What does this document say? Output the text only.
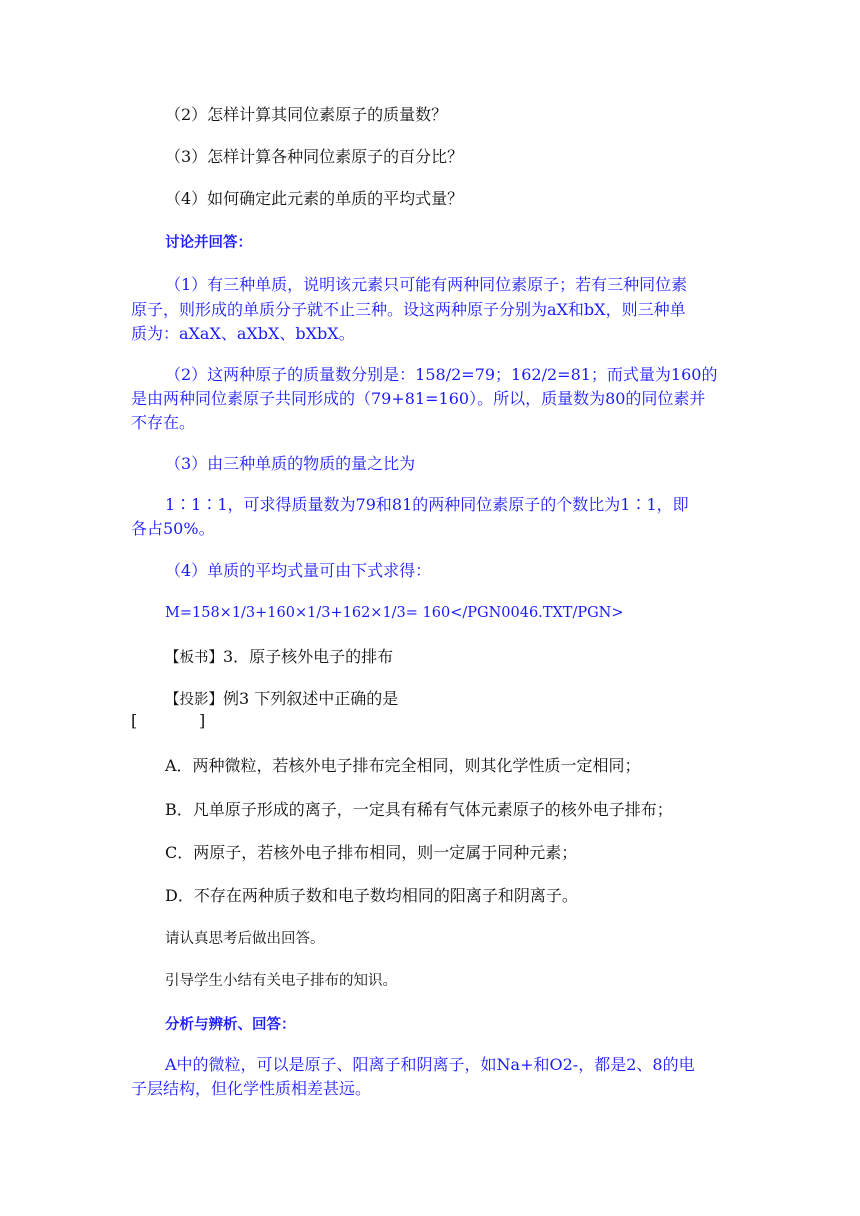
（2）怎样计算其同位素原子的质量数？
（3）怎样计算各种同位素原子的百分比？
（4）如何确定此元素的单质的平均式量？
讨论并回答：
（1）有三种单质，说明该元素只可能有两种同位素原子；若有三种同位素
原子，则形成的单质分子就不止三种。设这两种原子分别为aX和bX，则三种单
质为：aXaX、aXbX、bXbX。
（2）这两种原子的质量数分别是：158/2=79；162/2=81；而式量为160的
是由两种同位素原子共同形成的（79+81=160）。所以，质量数为80的同位素并
不存在。
（3）由三种单质的物质的量之比为
1∶1∶1，可求得质量数为79和81的两种同位素原子的个数比为1∶1，即
各占50%。
（4）单质的平均式量可由下式求得：
M=158×1/3+160×1/3+162×1/3= 160</PGN0046.TXT/PGN>
【板书】3．原子核外电子的排布
【投影】例3 下列叙述中正确的是
[	]
A．两种微粒，若核外电子排布完全相同，则其化学性质一定相同；
B．凡单原子形成的离子，一定具有稀有气体元素原子的核外电子排布；
C．两原子，若核外电子排布相同，则一定属于同种元素；
D．不存在两种质子数和电子数均相同的阳离子和阴离子。
请认真思考后做出回答。
引导学生小结有关电子排布的知识。
分析与辨析、回答：
A中的微粒，可以是原子、阳离子和阴离子，如Na+和O2-，都是2、8的电
子层结构，但化学性质相差甚远。
